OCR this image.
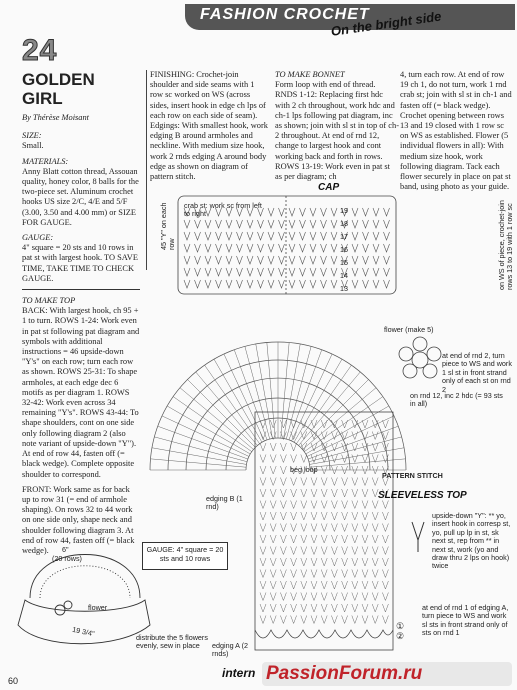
FASHION CROCHET
On the bright side
24
GOLDEN
GIRL
By Thérèse Moisant

SIZE:
Small.

MATERIALS:
Anny Blatt cotton thread, Assouan quality, honey color, 8 balls for the two-piece set. Aluminum crochet hooks US size 2/C, 4/E and 5/F (3.00, 3.50 and 4.00 mm) or SIZE FOR GAUGE.

GAUGE:
4" square = 20 sts and 10 rows in pat st with largest hook. TO SAVE TIME, TAKE TIME TO CHECK GAUGE.

TO MAKE TOP
BACK: With largest hook, ch 95 + 1 to turn. ROWS 1-24: Work even in pat st following pat diagram and symbols with additional instructions = 46 upside-down "Y's" on each row; turn each row as shown. ROWS 25-31: To shape armholes, at each edge dec 6 motifs as per diagram 1. ROWS 32-42: Work even across 34 remaining "Y's". ROWS 43-44: To shape shoulders, cont on one side only following diagram 2 (also note variant of upside-down "Y"). At end of row 44, fasten off (= black wedge). Complete opposite shoulder to correspond.

FRONT: Work same as for back up to row 31 (= end of armhole shaping). On rows 32 to 44 work on one side only, shape neck and shoulder following diagram 3. At end of row 44, fasten off (= black wedge).

FINISHING: Crochet-join shoulder and side seams with 1 row sc worked on WS (across sides, insert hook in edge ch lps of each row on each side of seam). Edgings: With smallest hook, work edging B around armholes and neckline. With medium size hook, work 2 rnds edging A around body edge as shown on diagram of pattern stitch.
TO MAKE BONNET
Form loop with end of thread. RNDS 1-12: Replacing first hdc with 2 ch throughout, work hdc and ch-1 lps following pat diagram, inc as shown; join with sl st in top of ch-2 throughout. At end of rnd 12, change to largest hook and cont working back and forth in rows. ROWS 13-19: Work even in pat st as per diagram; ch
4, turn each row. At end of row 19 ch 1, do not turn, work 1 rnd crab st; join with sl st in ch-1 and fasten off (= black wedge). Crochet opening between rows 13 and 19 closed with 1 row sc on WS as established. Flower (5 individual flowers in all): With medium size hook, work following diagram. Tack each flower securely in place on pat st band, using photo as your guide.
CAP
crab st: work sc from left to right	19
18
17
16
15
14
13
45 "Y" on each row	on WS of piece, crochet-join rows 13 to 19 with 1 row sc
flower (make 5)
at end of rnd 2, turn piece to WS and work 1 sl st in front strand only of each st on rnd 2
on rnd 12, inc 2 hdc (= 93 sts in all)
beg loop
PATTERN STITCH
SLEEVELESS TOP
edging B (1 rnd)
edging A (2 rnds)
upside-down "Y": ** yo, insert hook in corresp st, yo, pull up lp in st, sk next st, rep from ** in next st, work (yo and draw thru 2 lps on hook) twice
at end of rnd 1 of edging A, turn piece to WS and work sl sts in front strand only of sts on rnd 1
①
②
6"
(20 rows)
flower
19 3/4"	distribute the 5 flowers evenly, sew in place
GAUGE: 4" square = 20 sts and 10 rows
60
intern PassionForum.ru
